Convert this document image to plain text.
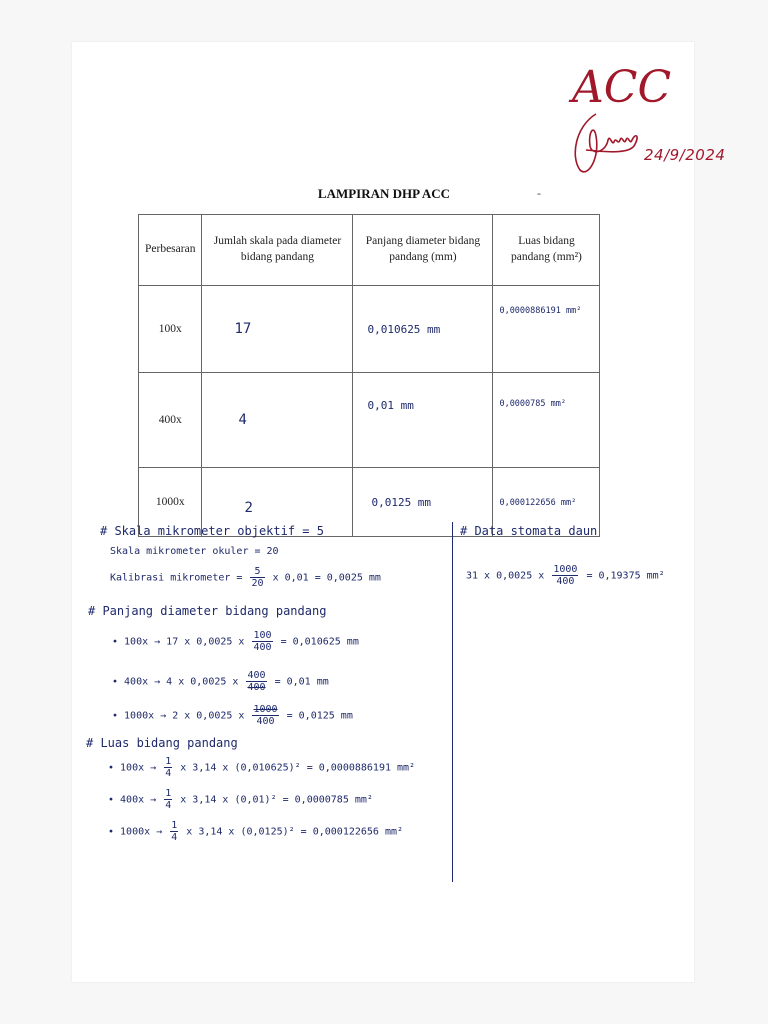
ACC
24/9/2024
LAMPIRAN DHP ACC	-
Perbesaran	Jumlah skala pada diameter bidang pandang	Panjang diameter bidang pandang (mm)	Luas bidang pandang (mm²)
100x	17	0,010625 mm	0,0000886191 mm²
400x	4	0,01 mm	0,0000785 mm²
1000x	2	0,0125 mm	0,000122656 mm²
# Skala mikrometer objektif = 5
Skala mikrometer okuler = 20
Kalibrasi mikrometer = $\frac{5}{20}$ x 0,01 = 0,0025 mm
# Panjang diameter bidang pandang
• 100x → 17 x 0,0025 x $\frac{100}{400} = 0,010625$ mm
• 400x → 4 x 0,0025 x $\frac{400}{400} = 0,01$ mm
• 1000x → 2 x 0,0025 x $\frac{1000}{400} = 0,0125$ mm
# Luas bidang pandang
• $100x \to \frac{1}{4}$ x 3,14 x (0,010625)² = 0,0000886191 mm²
• $400x \to \frac{1}{4}$ x 3,14 x (0,01)² = 0,0000785 mm²
• $1000x \to \frac{1}{4}$ x 3,14 x (0,0125)² = 0,000122656 mm²
# Data stomata daun
31 x 0,0025 x $\frac{1000}{400} = 0,19375$ mm²
